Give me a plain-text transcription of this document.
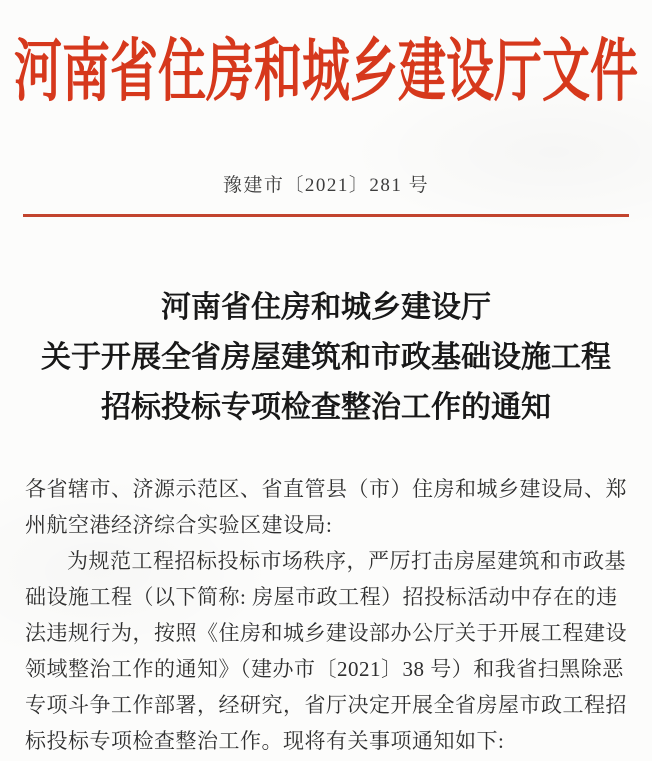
河南省住房和城乡建设厅文件
豫建市〔2021〕281 号
河南省住房和城乡建设厅
关于开展全省房屋建筑和市政基础设施工程
招标投标专项检查整治工作的通知
各省辖市、济源示范区、省直管县（市）住房和城乡建设局、郑
州航空港经济综合实验区建设局:
为规范工程招标投标市场秩序，严厉打击房屋建筑和市政基
础设施工程（以下简称: 房屋市政工程）招投标活动中存在的违
法违规行为，按照《住房和城乡建设部办公厅关于开展工程建设
领域整治工作的通知》（建办市〔2021〕38 号）和我省扫黑除恶
专项斗争工作部署，经研究，省厅决定开展全省房屋市政工程招
标投标专项检查整治工作。现将有关事项通知如下:
